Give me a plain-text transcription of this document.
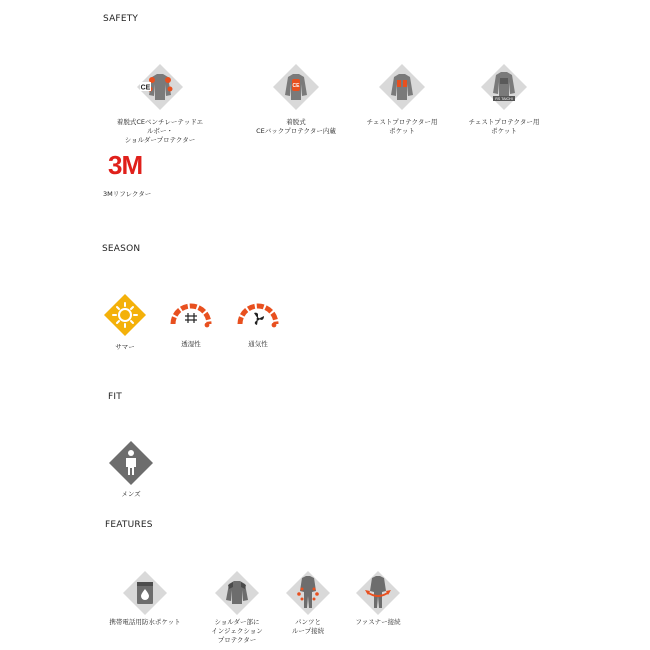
SAFETY
CE
着脱式CEベンチレーテッドエルボー・
ショルダープロテクター
CE
着脱式
CEバックプロテクター内蔵
チェストプロテクター用
ポケット
RS TAICHI
チェストプロテクター用
ポケット
3M
3Mリフレクター
SEASON
サマー	透湿性	通気性
FIT
メンズ
FEATURES
携帯電話用防水ポケット	ショルダー部に
インジェクション
プロテクター
パンツと
ループ接続
ファスナー接続
